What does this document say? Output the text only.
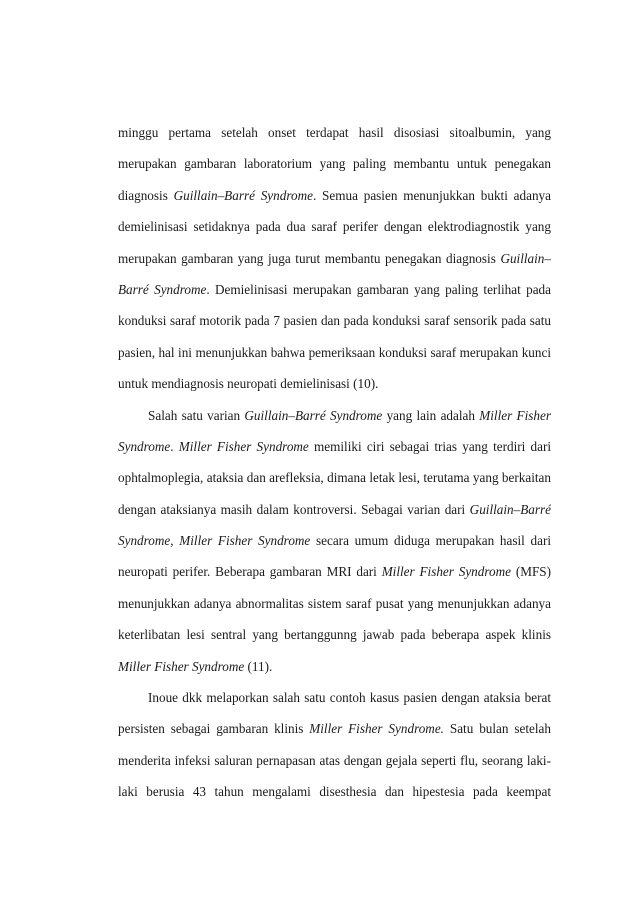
minggu pertama setelah onset terdapat hasil disosiasi sitoalbumin, yang
merupakan gambaran laboratorium yang paling membantu untuk penegakan
diagnosis Guillain–Barré Syndrome. Semua pasien menunjukkan bukti adanya
demielinisasi setidaknya pada dua saraf perifer dengan elektrodiagnostik yang
merupakan gambaran yang juga turut membantu penegakan diagnosis Guillain–
Barré Syndrome. Demielinisasi merupakan gambaran yang paling terlihat pada
konduksi saraf motorik pada 7 pasien dan pada konduksi saraf sensorik pada satu
pasien, hal ini menunjukkan bahwa pemeriksaan konduksi saraf merupakan kunci
untuk mendiagnosis neuropati demielinisasi (10).
Salah satu varian Guillain–Barré Syndrome yang lain adalah Miller Fisher
Syndrome. Miller Fisher Syndrome memiliki ciri sebagai trias yang terdiri dari
ophtalmoplegia, ataksia dan arefleksia, dimana letak lesi, terutama yang berkaitan
dengan ataksianya masih dalam kontroversi. Sebagai varian dari Guillain–Barré
Syndrome, Miller Fisher Syndrome secara umum diduga merupakan hasil dari
neuropati perifer. Beberapa gambaran MRI dari Miller Fisher Syndrome (MFS)
menunjukkan adanya abnormalitas sistem saraf pusat yang menunjukkan adanya
keterlibatan lesi sentral yang bertanggunng jawab pada beberapa aspek klinis
Miller Fisher Syndrome (11).
Inoue dkk melaporkan salah satu contoh kasus pasien dengan ataksia berat
persisten sebagai gambaran klinis Miller Fisher Syndrome. Satu bulan setelah
menderita infeksi saluran pernapasan atas dengan gejala seperti flu, seorang laki-
laki berusia 43 tahun mengalami disesthesia dan hipestesia pada keempat
